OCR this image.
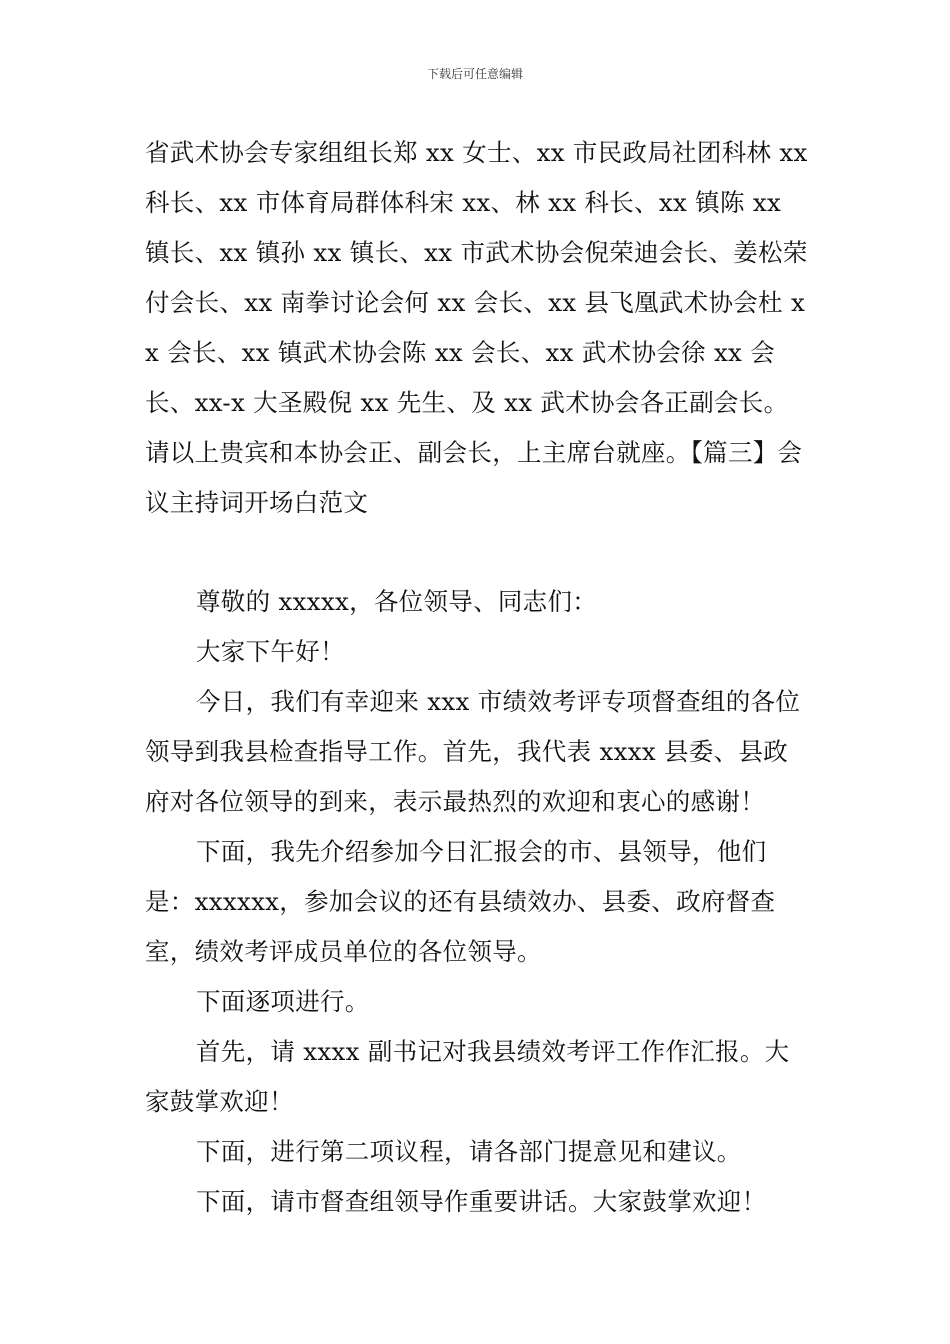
下载后可任意编辑

省武术协会专家组组长郑 xx 女士、xx 市民政局社团科林 xx 科长、xx 市体育局群体科宋 xx、林 xx 科长、xx 镇陈 xx 镇长、xx 镇孙 xx 镇长、xx 市武术协会倪荣迪会长、姜松荣付会长、xx 南拳讨论会何 xx 会长、xx 县飞凰武术协会杜 xx 会长、xx 镇武术协会陈 xx 会长、xx 武术协会徐 xx 会长、xx-x 大圣殿倪 xx 先生、及 xx 武术协会各正副会长。请以上贵宾和本协会正、副会长，上主席台就座。【篇三】会议主持词开场白范文

尊敬的 xxxxx，各位领导、同志们：

大家下午好！

今日，我们有幸迎来 xxx 市绩效考评专项督查组的各位领导到我县检查指导工作。首先，我代表 xxxx 县委、县政府对各位领导的到来，表示最热烈的欢迎和衷心的感谢！

下面，我先介绍参加今日汇报会的市、县领导，他们是：xxxxxx，参加会议的还有县绩效办、县委、政府督查室，绩效考评成员单位的各位领导。

下面逐项进行。

首先，请 xxxx 副书记对我县绩效考评工作作汇报。大家鼓掌欢迎！

下面，进行第二项议程，请各部门提意见和建议。

下面，请市督查组领导作重要讲话。大家鼓掌欢迎！
